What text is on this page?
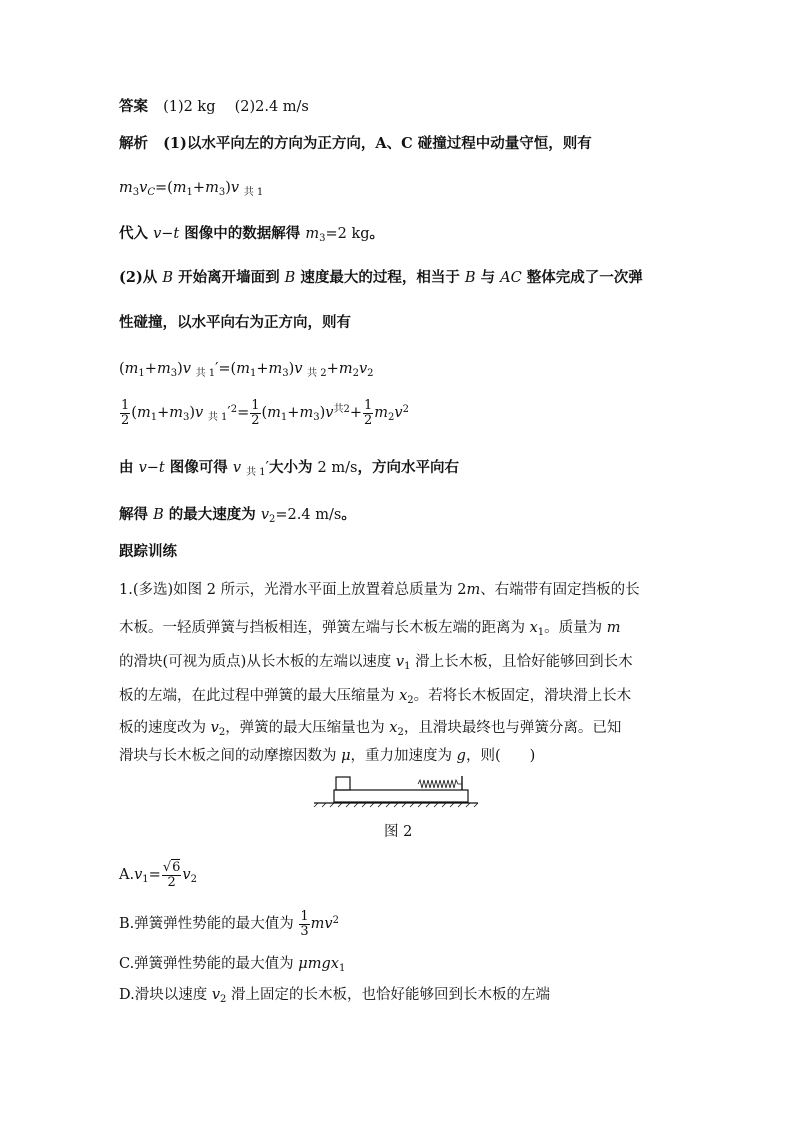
答案 (1)2 kg (2)2.4 m/s
解析 (1)以水平向左的方向为正方向，A、C 碰撞过程中动量守恒，则有
$m_3v_C=(m_1+m_3)v$ $_{共 1}$
代入 v−t 图像中的数据解得 $m_3=2$ kg。
(2)从 B 开始离开墙面到 B 速度最大的过程，相当于 B 与 AC 整体完成了一次弹
性碰撞，以水平向右为正方向，则有
$(m_1+m_3)v$ $_{共 1}'=(m_1+m_3)v$ $_{共 2}+m_2v_2$
$\frac{1}{2} (m_1+m_3)v$ $_{共 1}'^2= \frac{1}{2} (m_1+m_3)v^{共2}+ \frac{1}{2} m_2v^2$
由 v−t 图像可得 v $_{共 1}$′大小为 2 m/s，方向水平向右
解得 B 的最大速度为 $v_2=2.4$ m/s。
跟踪训练
1.(多选)如图 2 所示，光滑水平面上放置着总质量为 2m、右端带有固定挡板的长
木板。一轻质弹簧与挡板相连，弹簧左端与长木板左端的距离为 $x_1$。质量为 m
的滑块(可视为质点)从长木板的左端以速度 $v_1$ 滑上长木板，且恰好能够回到长木
板的左端，在此过程中弹簧的最大压缩量为 $x_2$。若将长木板固定，滑块滑上长木
板的速度改为 $v_2$，弹簧的最大压缩量也为 $x_2$，且滑块最终也与弹簧分离。已知
滑块与长木板之间的动摩擦因数为 μ，重力加速度为 g，则(　　)
图 2
$A.v_1= \frac{√6}{2} v_2$
B.弹簧弹性势能的最大值为 $\frac{1}{3} mv^2$
C.弹簧弹性势能的最大值为 μmgx$_1$
D.滑块以速度 $v_2$ 滑上固定的长木板，也恰好能够回到长木板的左端
